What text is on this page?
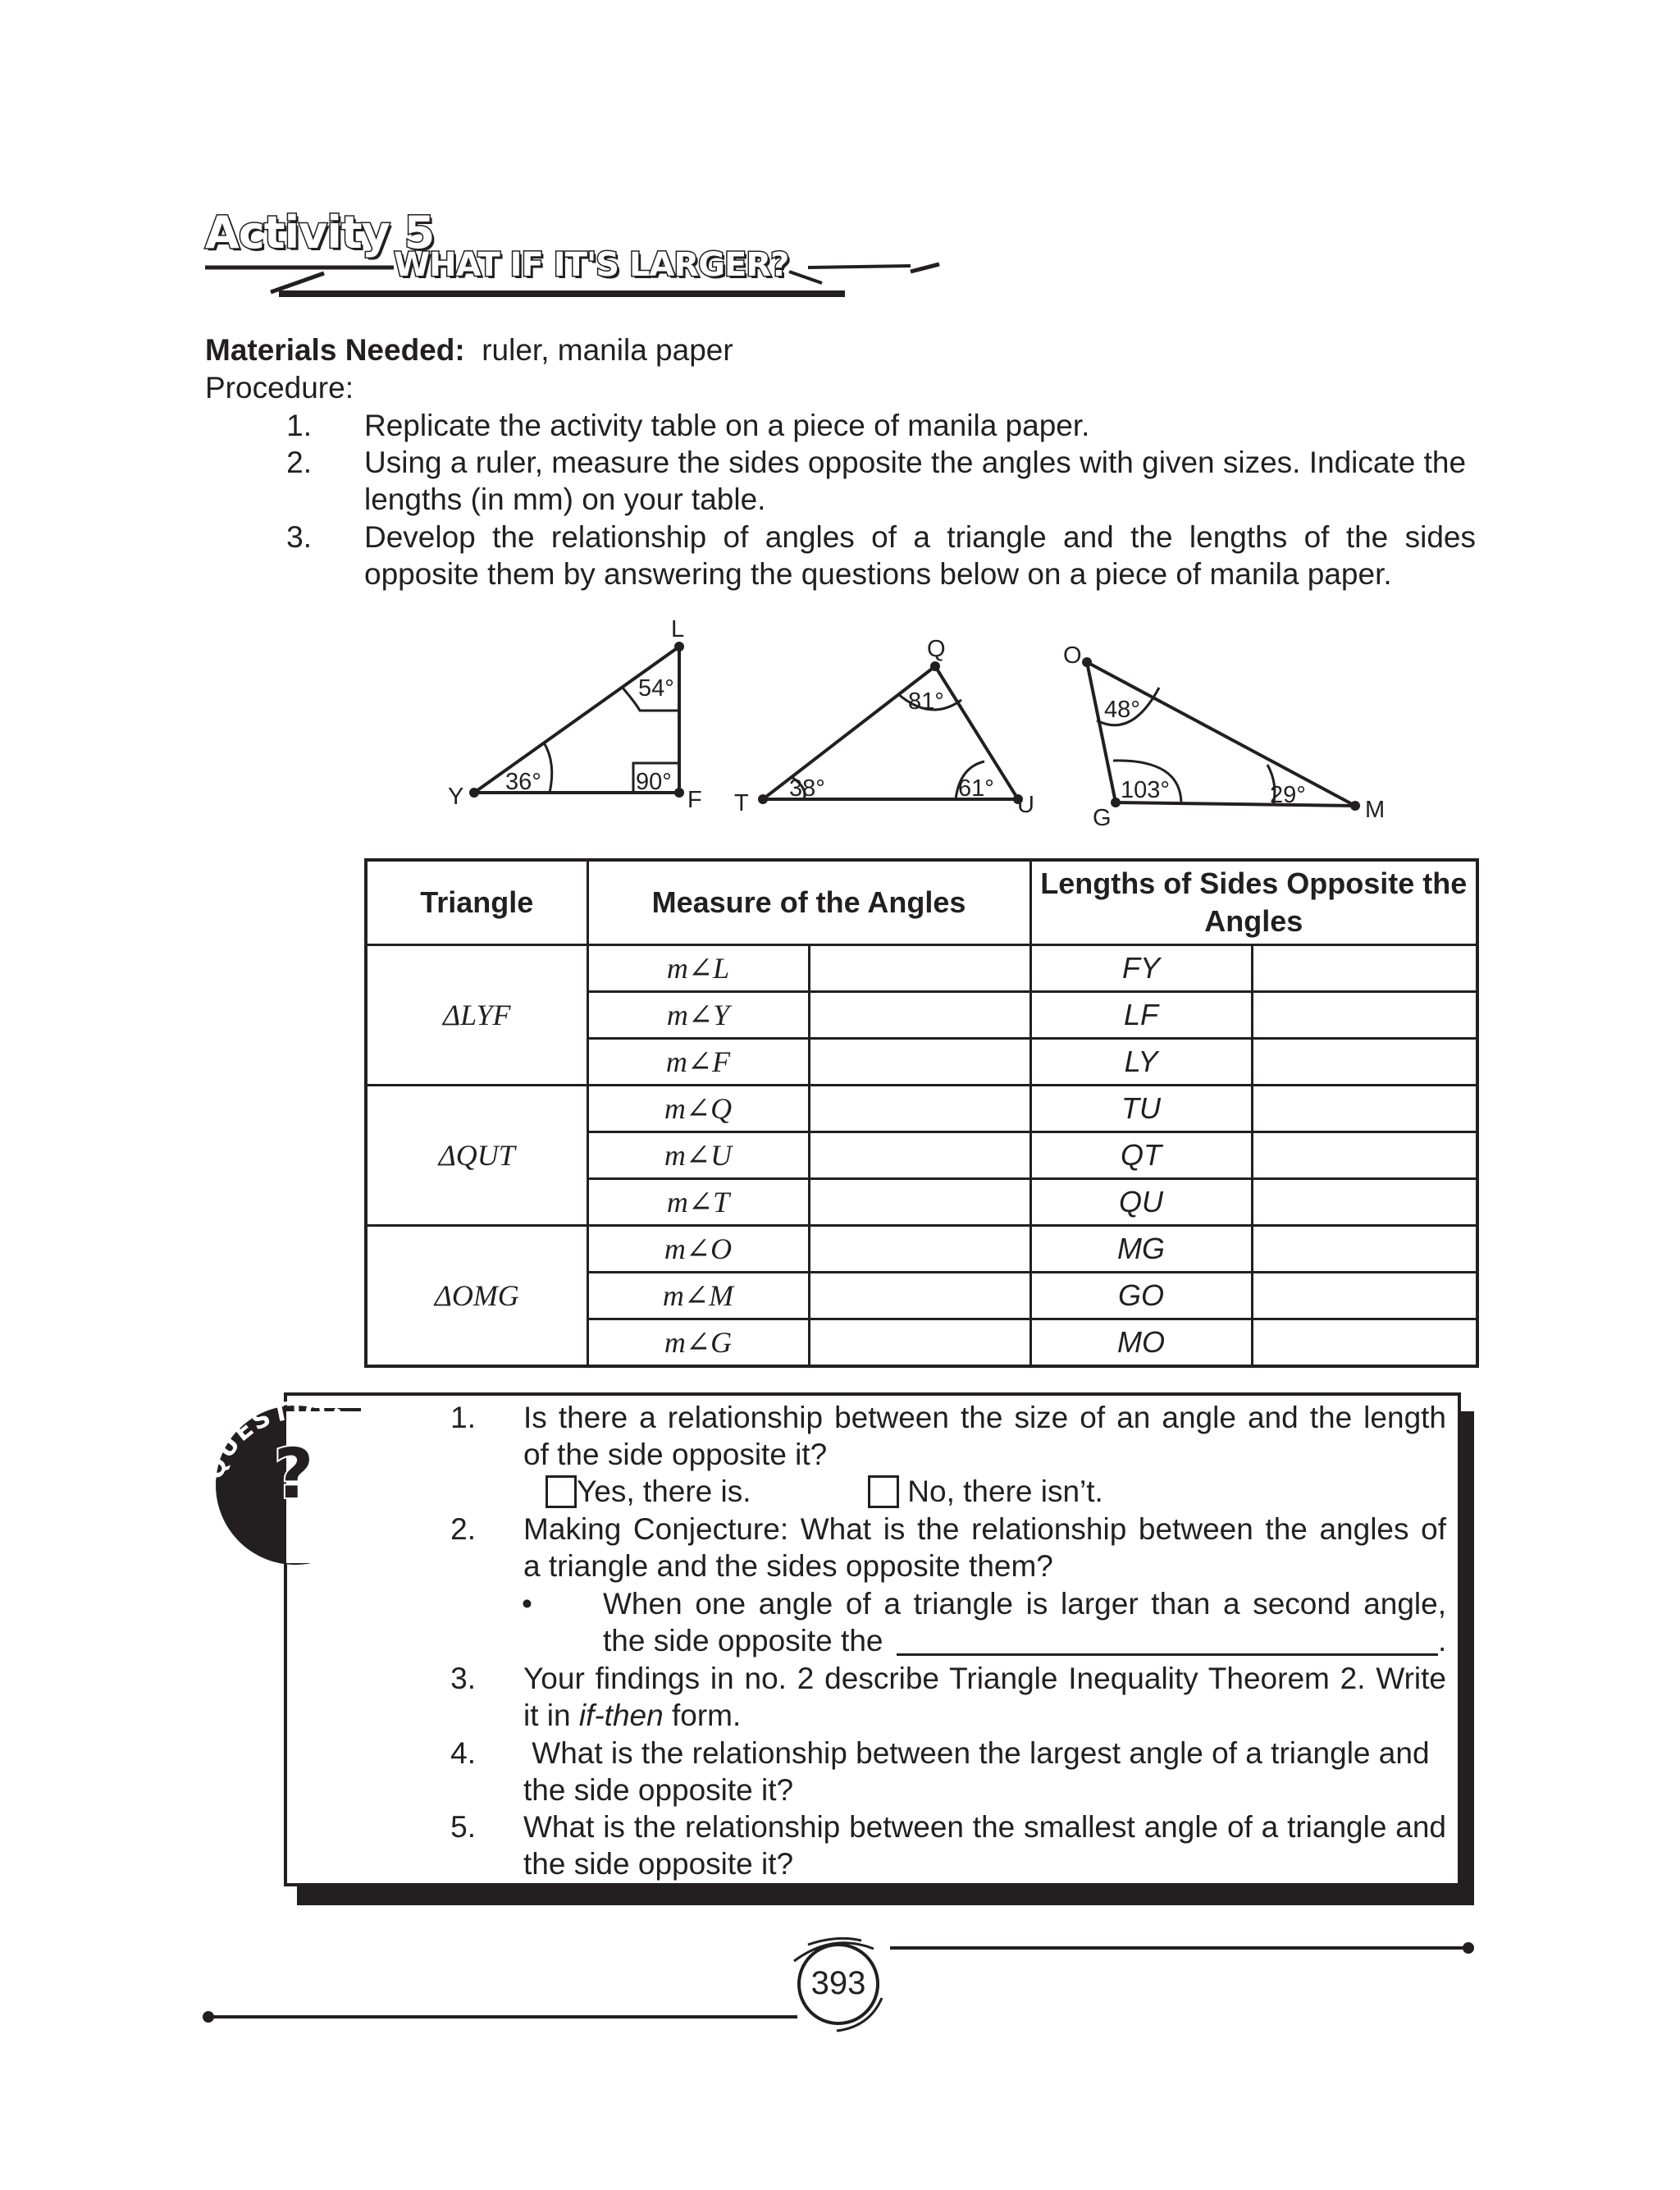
Activity 5
WHAT IF IT'S LARGER?
Materials Needed: ruler, manila paper
Procedure:
1. Replicate the activity table on a piece of manila paper.
2. Using a ruler, measure the sides opposite the angles with given sizes. Indicate the
lengths (in mm) on your table.
3. Develop the relationship of angles of a triangle and the lengths of the sides
opposite them by answering the questions below on a piece of manila paper.
L
Y	F
54°
36°	90°
Q
T	U
81°
38°	61°
O
G	M
48°
103°	29°
Triangle	Measure of the Angles		Lengths of Sides Opposite the Angles	
ΔLYF	m∠L		FY	
	m∠Y		LF	
	m∠F		LY	
ΔQUT	m∠Q		TU	
	m∠U		QT	
	m∠T		QU	
ΔOMG	m∠O		MG	
	m∠M		GO	
	m∠G		MO	
QUESTIONS
?
1. Is there a relationship between the size of an angle and the length
of the side opposite it?
Yes, there is.	No, there isn’t.
2. Making Conjecture: What is the relationship between the angles of
a triangle and the sides opposite them?
• When one angle of a triangle is larger than a second angle,
the side opposite the	.
3. Your findings in no. 2 describe Triangle Inequality Theorem 2. Write
it in if-then form.
4. What is the relationship between the largest angle of a triangle and
the side opposite it?
5. What is the relationship between the smallest angle of a triangle and
the side opposite it?
393
